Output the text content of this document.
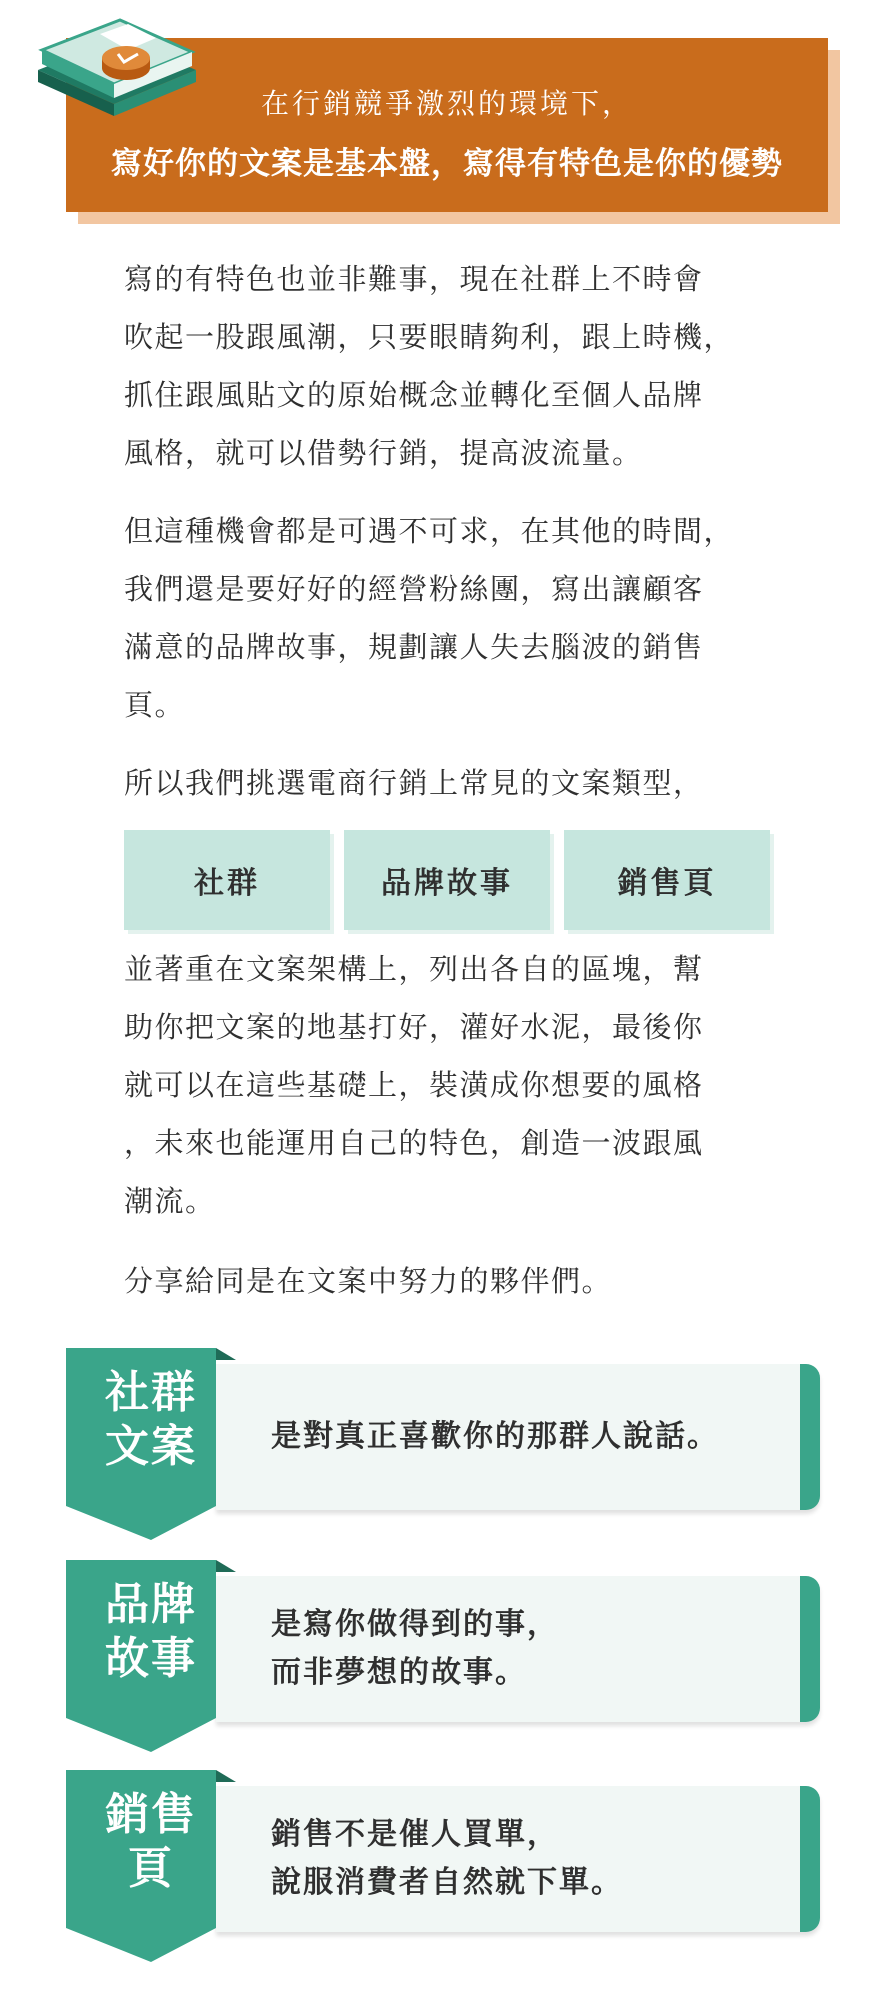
在行銷競爭激烈的環境下，
寫好你的文案是基本盤，寫得有特色是你的優勢

寫的有特色也並非難事，現在社群上不時會
吹起一股跟風潮，只要眼睛夠利，跟上時機，
抓住跟風貼文的原始概念並轉化至個人品牌
風格，就可以借勢行銷，提高波流量。

但這種機會都是可遇不可求，在其他的時間，
我們還是要好好的經營粉絲團，寫出讓顧客
滿意的品牌故事，規劃讓人失去腦波的銷售
頁。

所以我們挑選電商行銷上常見的文案類型，

社群	品牌故事	銷售頁

並著重在文案架構上，列出各自的區塊，幫
助你把文案的地基打好，灌好水泥，最後你
就可以在這些基礎上，裝潢成你想要的風格
，未來也能運用自己的特色，創造一波跟風
潮流。

分享給同是在文案中努力的夥伴們。

是對真正喜歡你的那群人說話。
社群
文案
是寫你做得到的事，
而非夢想的故事。
品牌
故事
銷售不是催人買單，
說服消費者自然就下單。
銷售
頁
